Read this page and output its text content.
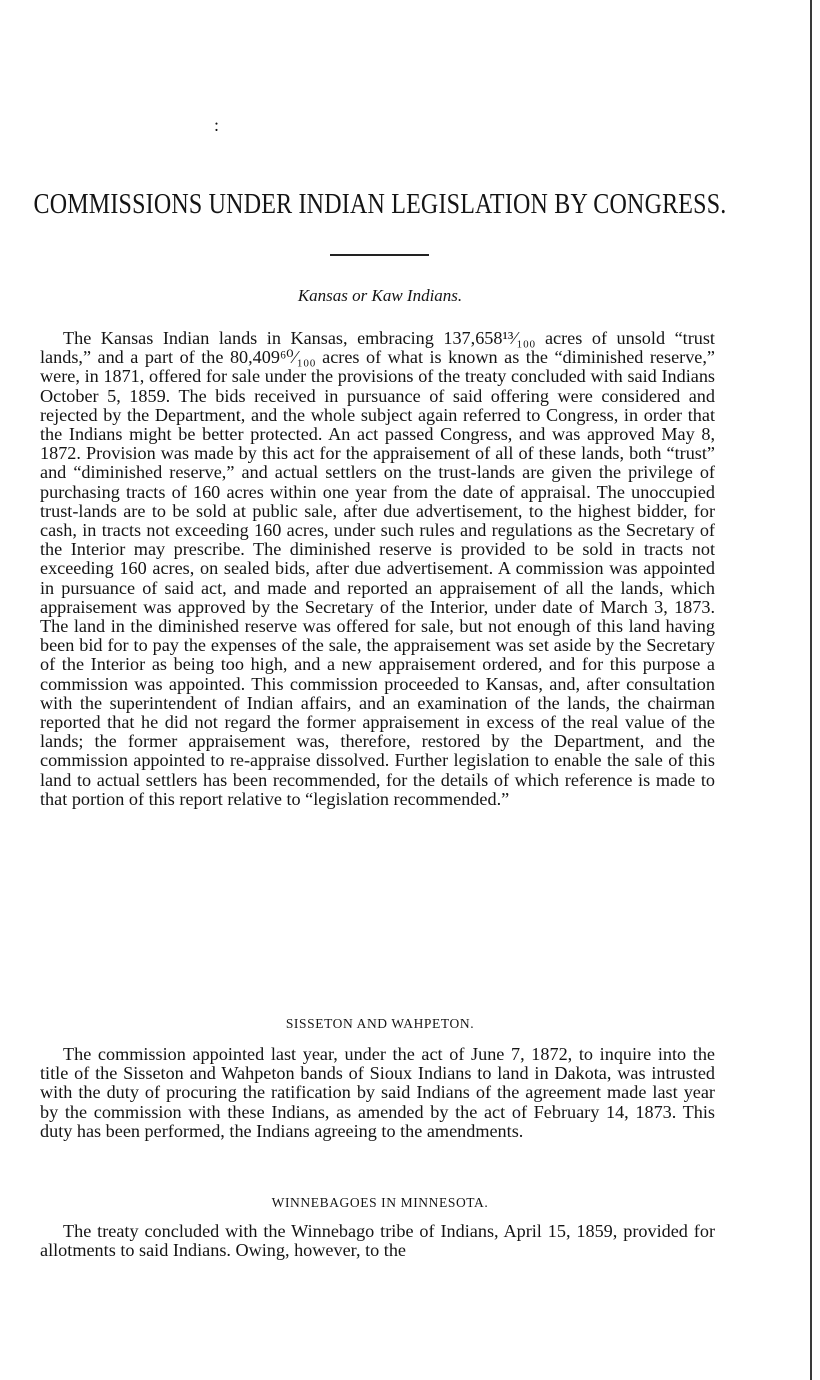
:
COMMISSIONS UNDER INDIAN LEGISLATION BY CONGRESS.
Kansas or Kaw Indians.

The Kansas Indian lands in Kansas, embracing 137,658¹³⁄₁₀₀ acres of unsold “trust lands,” and a part of the 80,409⁶⁰⁄₁₀₀ acres of what is known as the “diminished reserve,” were, in 1871, offered for sale under the provisions of the treaty concluded with said Indians October 5, 1859. The bids received in pursuance of said offering were considered and rejected by the Department, and the whole subject again referred to Congress, in order that the Indians might be better protected. An act passed Congress, and was approved May 8, 1872. Provision was made by this act for the appraisement of all of these lands, both “trust” and “diminished reserve,” and actual settlers on the trust-lands are given the privilege of purchasing tracts of 160 acres within one year from the date of appraisal. The unoccupied trust-lands are to be sold at public sale, after due advertisement, to the highest bidder, for cash, in tracts not exceeding 160 acres, under such rules and regulations as the Secretary of the Interior may prescribe. The diminished reserve is provided to be sold in tracts not exceeding 160 acres, on sealed bids, after due advertisement. A commission was appointed in pursuance of said act, and made and reported an appraisement of all the lands, which appraisement was approved by the Secretary of the Interior, under date of March 3, 1873. The land in the diminished reserve was offered for sale, but not enough of this land having been bid for to pay the expenses of the sale, the appraisement was set aside by the Secretary of the Interior as being too high, and a new appraisement ordered, and for this purpose a commission was appointed. This commission proceeded to Kansas, and, after consultation with the superintendent of Indian affairs, and an examination of the lands, the chairman reported that he did not regard the former appraisement in excess of the real value of the lands; the former appraisement was, therefore, restored by the Department, and the commission appointed to re-appraise dissolved. Further legislation to enable the sale of this land to actual settlers has been recommended, for the details of which reference is made to that portion of this report relative to “legislation recommended.”

SISSETON AND WAHPETON.

The commission appointed last year, under the act of June 7, 1872, to inquire into the title of the Sisseton and Wahpeton bands of Sioux Indians to land in Dakota, was intrusted with the duty of procuring the ratification by said Indians of the agreement made last year by the commission with these Indians, as amended by the act of February 14, 1873. This duty has been performed, the Indians agreeing to the amendments.

WINNEBAGOES IN MINNESOTA.

The treaty concluded with the Winnebago tribe of Indians, April 15, 1859, provided for allotments to said Indians. Owing, however, to the
